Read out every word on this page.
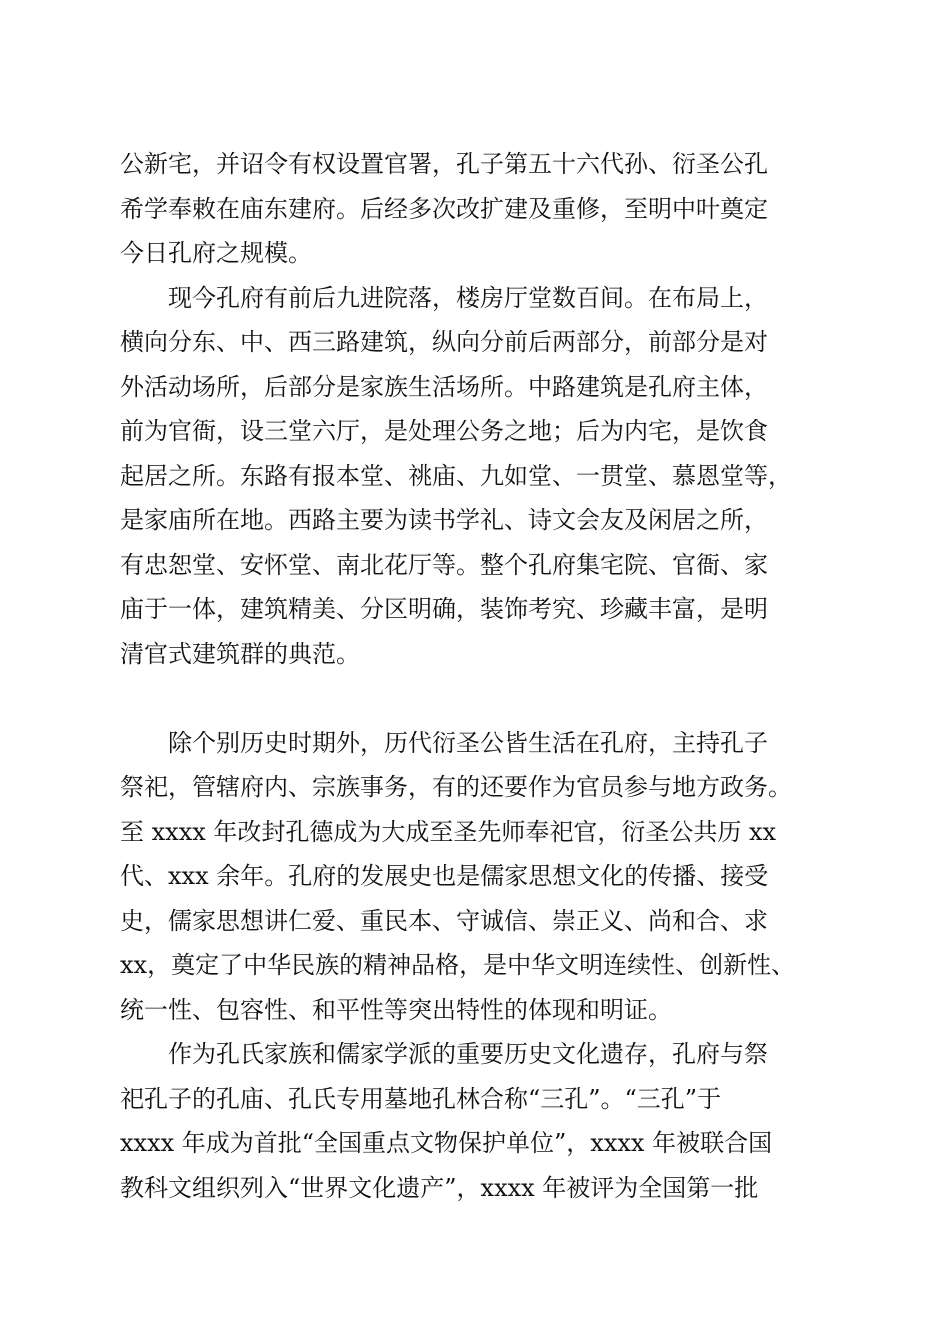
公新宅，并诏令有权设置官署，孔子第五十六代孙、衍圣公孔
希学奉敕在庙东建府。后经多次改扩建及重修，至明中叶奠定
今日孔府之规模。
现今孔府有前后九进院落，楼房厅堂数百间。在布局上，
横向分东、中、西三路建筑，纵向分前后两部分，前部分是对
外活动场所，后部分是家族生活场所。中路建筑是孔府主体，
前为官衙，设三堂六厅，是处理公务之地；后为内宅，是饮食
起居之所。东路有报本堂、祧庙、九如堂、一贯堂、慕恩堂等，
是家庙所在地。西路主要为读书学礼、诗文会友及闲居之所，
有忠恕堂、安怀堂、南北花厅等。整个孔府集宅院、官衙、家
庙于一体，建筑精美、分区明确，装饰考究、珍藏丰富，是明
清官式建筑群的典范。
除个别历史时期外，历代衍圣公皆生活在孔府，主持孔子
祭祀，管辖府内、宗族事务，有的还要作为官员参与地方政务。
至 xxxx 年改封孔德成为大成至圣先师奉祀官，衍圣公共历 xx
代、xxx 余年。孔府的发展史也是儒家思想文化的传播、接受
史，儒家思想讲仁爱、重民本、守诚信、崇正义、尚和合、求
xx，奠定了中华民族的精神品格，是中华文明连续性、创新性、
统一性、包容性、和平性等突出特性的体现和明证。
作为孔氏家族和儒家学派的重要历史文化遗存，孔府与祭
祀孔子的孔庙、孔氏专用墓地孔林合称“三孔”。“三孔”于
xxxx 年成为首批“全国重点文物保护单位”，xxxx 年被联合国
教科文组织列入“世界文化遗产”，xxxx 年被评为全国第一批
